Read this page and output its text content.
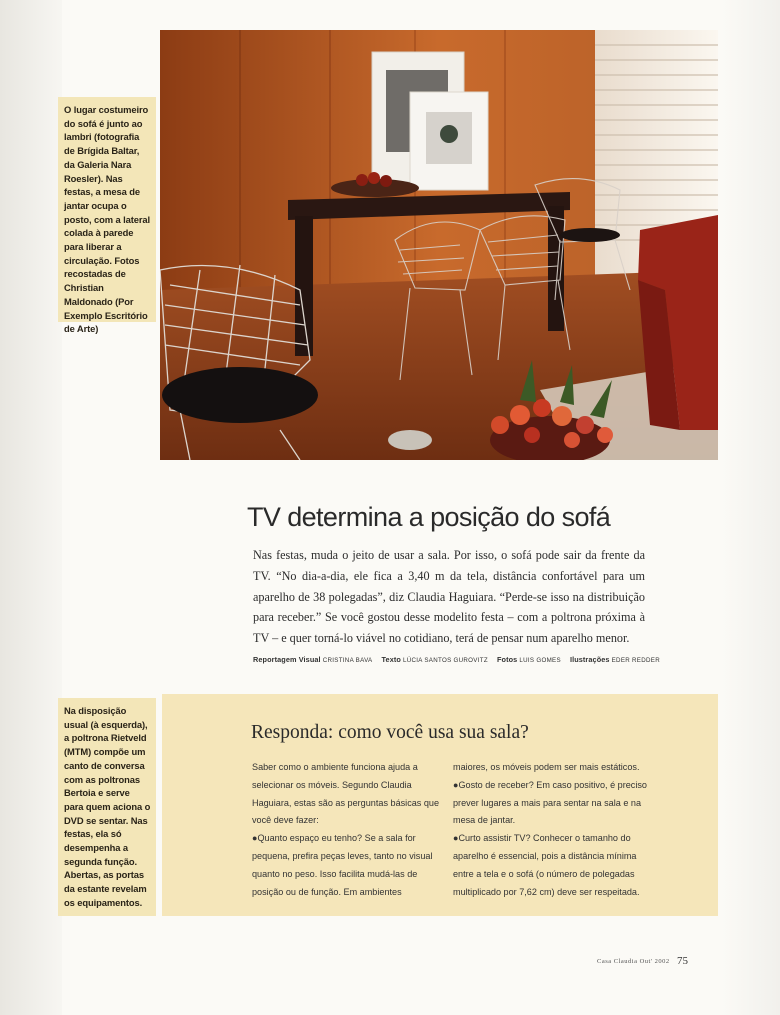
O lugar costumeiro do sofá é junto ao lambri (fotografia de Brígida Baltar, da Galeria Nara Roesler). Nas festas, a mesa de jantar ocupa o posto, com a lateral colada à parede para liberar a circulação. Fotos recostadas de Christian Maldonado (Por Exemplo Escritório de Arte)
TV determina a posição do sofá
Nas festas, muda o jeito de usar a sala. Por isso, o sofá pode sair da frente da TV. “No dia-a-dia, ele fica a 3,40 m da tela, distância confortável para um aparelho de 38 polegadas”, diz Claudia Haguiara. “Perde-se isso na distribuição para receber.” Se você gostou desse modelito festa – com a poltrona próxima à TV – e quer torná-lo viável no cotidiano, terá de pensar num aparelho menor.
Reportagem Visual CRISTINA BAVA Texto LÚCIA SANTOS GUROVITZ Fotos LUIS GOMES Ilustrações EDER REDDER
Na disposição usual (à esquerda), a poltrona Rietveld (MTM) compõe um canto de conversa com as poltronas Bertoia e serve para quem aciona o DVD se sentar. Nas festas, ela só desempenha a segunda função. Abertas, as portas da estante revelam os equipamentos.
Responda: como você usa sua sala?

Saber como o ambiente funciona ajuda a selecionar os móveis. Segundo Claudia Haguiara, estas são as perguntas básicas que você deve fazer:

●Quanto espaço eu tenho? Se a sala for pequena, prefira peças leves, tanto no visual quanto no peso. Isso facilita mudá-las de posição ou de função. Em ambientes

maiores, os móveis podem ser mais estáticos.

●Gosto de receber? Em caso positivo, é preciso prever lugares a mais para sentar na sala e na mesa de jantar.

●Curto assistir TV? Conhecer o tamanho do aparelho é essencial, pois a distância mínima entre a tela e o sofá (o número de polegadas multiplicado por 7,62 cm) deve ser respeitada.

Casa Claudia Out' 2002 75
